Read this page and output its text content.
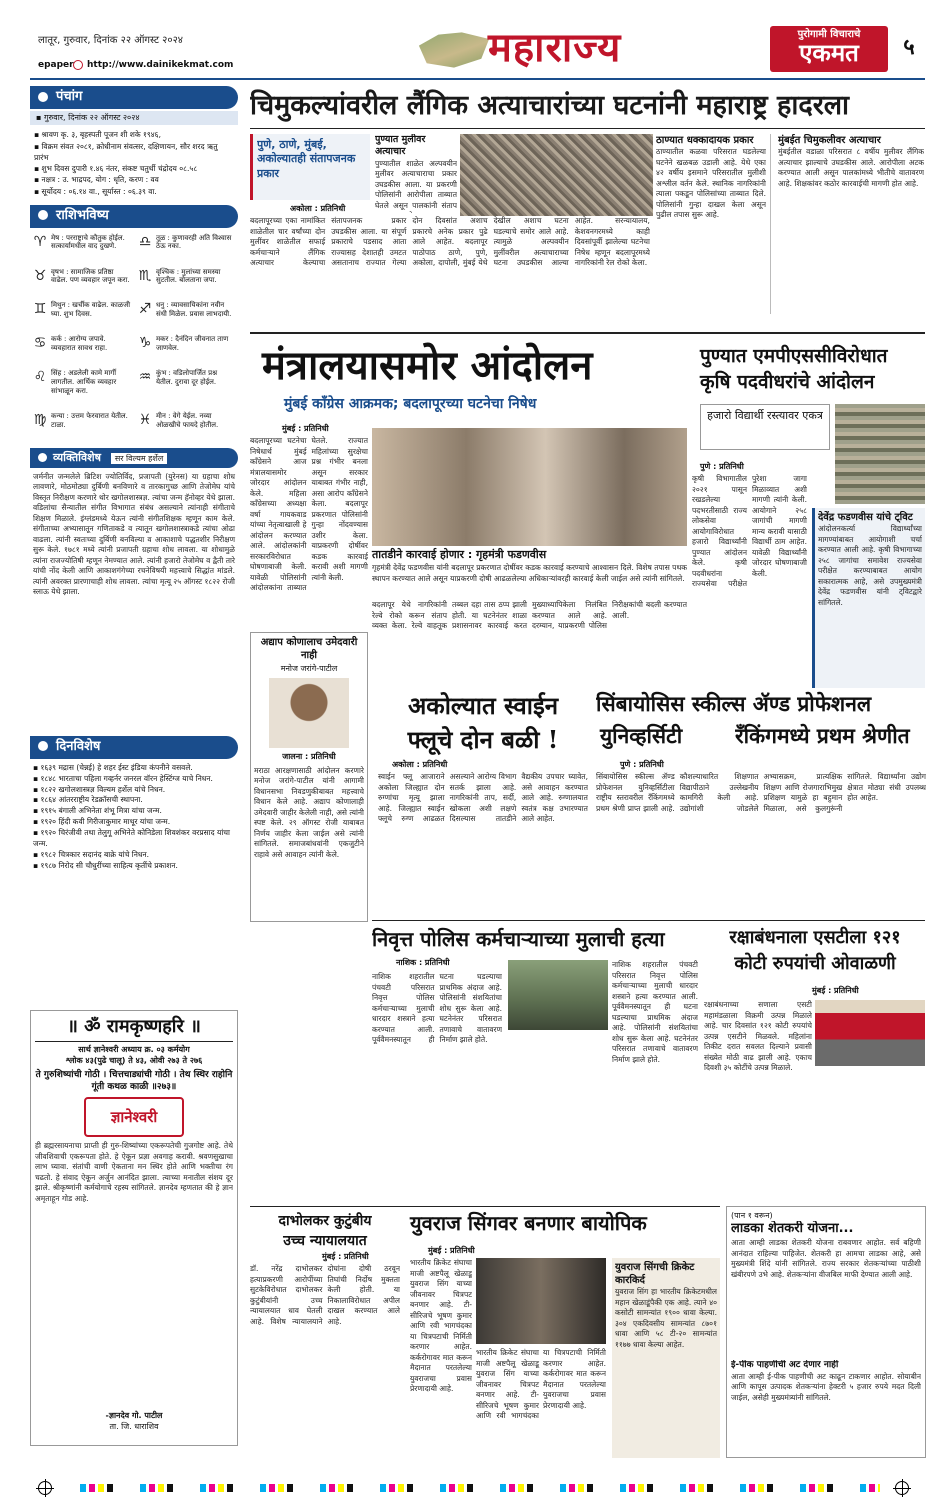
लातूर, गुरुवार, दिनांक २२ ऑगस्ट २०२४
epaper http://www.dainikekmat.com	महाराज्य	पुरोगामी विचाराचे
एकमत	५
पंचांग
▪ गुरुवार, दिनांक २२ ऑगस्ट २०२४
▪ श्रावण कृ. ३, बृहस्पती पूजन शी शके १९४६,
▪ विक्रम संवत २०८१, क्रोधीनाम संवत्सर, दक्षिणायन, सौर शरद ऋतु प्रारंभ
▪ शुभ दिवस दुपारी १.४६ नंतर, संकष्ट चतुर्थी चंद्रोदय ०८.५८
▪ नक्षत्र : उ. भाद्रपद, योग : धृति, करण : वव
▪ सूर्योदय : ०६.१४ वा., सूर्यास्त : ०६.३९ वा.
राशिभविष्य
♈ मेष : परराष्ट्राचे कौतुक होईल. सत्कार्यामधील वाद दुखणे.	♎ तूळ : कुणावरही अति विश्वास ठेऊ नका.
♉ वृषभ : सामाजिक प्रतिष्ठा वाढेल. पण व्यवहार जपून करा. ♏ वृश्चिक : मुलांच्या समस्या सुटतील. बोलताना जपा.
♊ मिथुन : खर्चीक वाढेल. काळजी घ्या. शुभ दिवस.	♐ धनु : व्यावसायिकांना नवीन संधी मिळेल. प्रवास लाभदायी.
♋ कर्क : आरोग्य जपावे. व्यवहारात सावध राहा.	♑ मकर : दैनंदिन जीवनात ताण जाणवेल.
♌ सिंह : अडलेली कामे मार्गी लागतील. आर्थिक व्यवहार सांभाळून करा.
♒ कुंभ : वडिलोपार्जित प्रश्न येतील. दुरावा दूर होईल.
♍ कन्या : उत्तम फेरवारात येतील. टाळा.	♓ मीन : वेगे येईल. नव्या ओळखीचे फायदे होतील.
व्यक्तिविशेष सर विल्यम हर्शेल
जर्मनीत जन्मलेले ब्रिटिश ज्योतिर्विद, प्रजापती (युरेनस) या ग्रहाचा शोध लावणारे, मोठमोठ्या दुर्बिणी बनविणारे व तारकागुच्छ आणि तेजोमेघ यांचे विस्तृत निरीक्षण करणारे थोर खगोलशास्त्रज्ञ. त्यांचा जन्म हॅनोव्हर येथे झाला. वडिलांचा सैन्यातील संगीत विभागात संबंध असल्याने त्यांनाही संगीताचे शिक्षण मिळाले. इंग्लंडमध्ये येऊन त्यांनी संगीतशिक्षक म्हणून काम केले. संगीताच्या अभ्यासातून गणिताकडे व त्यातून खगोलशास्त्राकडे त्यांचा ओढा वाढला. त्यांनी स्वतःच्या दुर्बिणी बनविल्या व आकाशाचे पद्धतशीर निरीक्षण सुरू केले. १७८१ मध्ये त्यांनी प्रजापती ग्रहाचा शोध लावला. या शोधामुळे त्यांना राजज्योतिषी म्हणून नेमण्यात आले. त्यांनी हजारो तेजोमेघ व द्वैती तारे यांची नोंद केली आणि आकाशगंगेच्या रचनेविषयी महत्त्वाचे सिद्धांत मांडले. त्यांनी अवरक्त प्रारणाचाही शोध लावला. त्यांचा मृत्यू २५ ऑगस्ट १८२२ रोजी स्लाऊ येथे झाला.
दिनविशेष
▪ १६३९ मद्रास (चेन्नई) हे शहर ईस्ट इंडिया कंपनीने वसवले.
▪ १८४८ भारताचा पहिला गव्हर्नर जनरल वॉरन हेस्टिंग्ज याचे निधन.
▪ १८२२ खगोलशास्त्रज्ञ विल्यम हर्शेल यांचे निधन.
▪ १८६४ आंतरराष्ट्रीय रेडक्रॉसची स्थापना.
▪ १९१५ बंगाली अभिनेता शंभू मित्रा यांचा जन्म.
▪ १९२० हिंदी कवी गिरीजाकुमार माथूर यांचा जन्म.
▪ १९२० चिरंजीवी तथा तेलुगू अभिनेते कोनिडेला शिवशंकर वरप्रसाद यांचा जन्म.
▪ १९८२ चित्रकार सदानंद बाक्रे यांचे निधन.
▪ १९८७ निरोद सी चौधुरींच्या साहित्य कृतींचे प्रकाशन.
॥ ॐ रामकृष्णहरि ॥
सार्थ ज्ञानेश्वरी अध्याय क्र. ०३ कर्मयोग
श्लोक ४३(पुढे चालू) ते ४३, ओवी २७३ ते २७६
ते गुरुशिष्यांची गोठी । चित्तचाड्यांची गोठी । तेथ स्थिर राहोनि गूंती कथळ काळी ॥२७३॥
ज्ञानेश्वरी
ही ब्रह्मरसायनाचा प्राप्ती ही गुरु-शिष्यांच्या एकरूपतेची गुजगोष्ट आहे. तेथे जीवशिवाची एकरूपता होते. हे ऐकून प्रज्ञा अवगाह करावी. श्रवणसुखाचा लाभ घ्यावा. संतांची वाणी ऐकताना मन स्थिर होते आणि भक्तीचा रंग चढतो. हे संवाद ऐकून अर्जुन आनंदित झाला. त्याच्या मनातील संशय दूर झाले. श्रीकृष्णांनी कर्मयोगाचे रहस्य सांगितले. ज्ञानदेव म्हणतात की हे ज्ञान अमृताहून गोड आहे.
-ज्ञानदेव गो. पाटील
ता. जि. धाराशिव
चिमुकल्यांवरील लैंगिक अत्याचारांच्या घटनांनी महाराष्ट्र हादरला
पुणे, ठाणे, मुंबई, अकोल्यातही संतापजनक प्रकार
अकोला : प्रतिनिधी
बदलापूरच्या एका नामांकित शाळेतील चार वर्षांच्या दोन मुलींवर शाळेतील सफाई कर्मचाऱ्याने लैंगिक अत्याचार केल्याचा संतापजनक प्रकार उघडकीस आला. या संपूर्ण प्रकाराचे पडसाद आता राज्यासह देशातही उमटत असतानाच राज्यात गेल्या दोन दिवसांत अशाच प्रकारचे अनेक प्रकार पुढे आले आहेत. बदलापूर पाठोपाठ ठाणे, पुणे, अकोला, दापोली, मुंबई येथे देखील अशाच घटना घडल्याचे समोर आले आहे. त्यामुळे अल्पवयीन मुलींवरील अत्याचाराच्या घटना उघडकीस आल्या आहेत. सरन्यायालय, केशवनगरमध्ये काही दिवसांपूर्वी झालेल्या घटनेचा निषेध म्हणून बदलापूरमध्ये नागरिकांनी रेल रोको केला.
पुण्यात मुलीवर अत्याचार
पुण्यातील शाळेत अल्पवयीन मुलीवर अत्याचाराचा प्रकार उघडकीस आला. या प्रकरणी पोलिसांनी आरोपीला ताब्यात घेतले असून पालकांनी संताप
ठाण्यात धक्कादायक प्रकार
ठाण्यातील कळवा परिसरात घडलेल्या घटनेने खळबळ उडाली आहे. येथे एका ४२ वर्षीय इसमाने परिसरातील मुलीशी अश्लील वर्तन केले. स्थानिक नागरिकांनी त्याला पकडून पोलिसांच्या ताब्यात दिले. पोलिसांनी गुन्हा दाखल केला असून पुढील तपास सुरू आहे.
मुंबईत चिमुकलीवर अत्याचार
मुंबईतील वडाळा परिसरात ८ वर्षीय मुलीवर लैंगिक अत्याचार झाल्याचे उघडकीस आले. आरोपीला अटक करण्यात आली असून पालकांमध्ये भीतीचे वातावरण आहे. शिक्षकांवर कठोर कारवाईची मागणी होत आहे.
मंत्रालयासमोर आंदोलन
मुंबई काँग्रेस आक्रमक; बदलापूरच्या घटनेचा निषेध
मुंबई : प्रतिनिधी
बदलापूरच्या घटनेचा निषेधार्थ मुंबई काँग्रेसने आज मंत्रालयासमोर जोरदार आंदोलन केले. महिला काँग्रेसच्या अध्यक्षा वर्षा गायकवाड यांच्या नेतृत्वाखाली हे आंदोलन करण्यात आले. आंदोलकांनी सरकारविरोधात घोषणाबाजी केली. यावेळी पोलिसांनी आंदोलकांना ताब्यात घेतले. राज्यात महिलांच्या सुरक्षेचा प्रश्न गंभीर बनला असून सरकार याबाबत गंभीर नाही, असा आरोप काँग्रेसने केला. बदलापूर प्रकरणात पोलिसांनी गुन्हा नोंदवण्यास उशीर केला. याप्रकरणी दोषींवर कडक कारवाई करावी अशी मागणी त्यांनी केली.
तातडीने कारवाई होणार : गृहमंत्री फडणवीस
गृहमंत्री देवेंद्र फडणवीस यांनी बदलापूर प्रकरणात दोषींवर कडक कारवाई करण्याचे आश्वासन दिले. विशेष तपास पथक स्थापन करण्यात आले असून याप्रकरणी दोषी आढळलेल्या अधिकाऱ्यांवरही कारवाई केली जाईल असे त्यांनी सांगितले.
बदलापूर येथे नागरिकांनी रेल्वे रोको करून संताप व्यक्त केला. रेल्वे वाहतूक तब्बल दहा तास ठप्प झाली होती. या घटनेनंतर शाळा प्रशासनावर कारवाई करत मुख्याध्यापिकेला निलंबित करण्यात आले आहे. दरम्यान, याप्रकरणी पोलिस निरीक्षकांची बदली करण्यात आली.
अद्याप कोणालाच उमेदवारी नाही
मनोज जरांगे-पाटील
जालना : प्रतिनिधी
मराठा आरक्षणासाठी आंदोलन करणारे मनोज जरांगे-पाटील यांनी आगामी विधानसभा निवडणुकीबाबत महत्त्वाचे विधान केले आहे. अद्याप कोणालाही उमेदवारी जाहीर केलेली नाही, असे त्यांनी स्पष्ट केले. २९ ऑगस्ट रोजी याबाबत निर्णय जाहीर केला जाईल असे त्यांनी सांगितले. समाजबांधवांनी एकजुटीने राहावे असे आवाहन त्यांनी केले.
अकोल्यात स्वाईन
फ्लूचे दोन बळी !
अकोला : प्रतिनिधी
स्वाईन फ्लू आजाराने अकोला जिल्ह्यात दोन रुग्णांचा मृत्यू झाला आहे. जिल्ह्यात स्वाईन फ्लूचे रुग्ण आढळत असल्याने आरोग्य विभाग सतर्क झाला आहे. नागरिकांनी ताप, सर्दी, खोकला अशी लक्षणे दिसल्यास तातडीने वैद्यकीय उपचार घ्यावेत, असे आवाहन करण्यात आले आहे. रुग्णालयात स्वतंत्र कक्ष उभारण्यात आले आहेत.
पुण्यात एमपीएससीविरोधात
कृषि पदवीधरांचे आंदोलन
हजारो विद्यार्थी रस्त्यावर एकत्र
पुणे : प्रतिनिधी
कृषी विभागातील २०२१ पासून रखडलेल्या पदभरतीसाठी राज्य लोकसेवा आयोगाविरोधात हजारो विद्यार्थ्यांनी पुण्यात आंदोलन केले. कृषी पदवीधरांना राज्यसेवा परीक्षेत पुरेशा जागा मिळाव्यात अशी मागणी त्यांनी केली. आयोगाने २५८ जागांची मागणी मान्य करावी यासाठी विद्यार्थी ठाम आहेत. यावेळी विद्यार्थ्यांनी जोरदार घोषणाबाजी केली.
देवेंद्र फडणवीस यांचे ट्विट
आंदोलनकर्त्या विद्यार्थ्यांच्या मागण्यांबाबत आयोगाशी चर्चा करण्यात आली आहे. कृषी विभागाच्या २५८ जागांचा समावेश राज्यसेवा परीक्षेत करण्याबाबत आयोग सकारात्मक आहे, असे उपमुख्यमंत्री देवेंद्र फडणवीस यांनी ट्विटद्वारे सांगितले.
सिंबायोसिस स्कील्स ॲण्ड प्रोफेशनल
युनिव्हर्सिटी	रँकिंगमध्ये प्रथम श्रेणीत
पुणे : प्रतिनिधी
सिंबायोसिस स्कील्स ॲण्ड प्रोफेशनल युनिव्हर्सिटीला राष्ट्रीय स्तरावरील रँकिंगमध्ये प्रथम श्रेणी प्राप्त झाली आहे. कौशल्याधारित शिक्षणात विद्यापीठाने उल्लेखनीय कामगिरी केली आहे. उद्योगांशी जोडलेले अभ्यासक्रम, प्रात्यक्षिक शिक्षण आणि रोजगाराभिमुख प्रशिक्षण यामुळे हा बहुमान मिळाला, असे कुलगुरूंनी सांगितले. विद्यार्थ्यांना उद्योग क्षेत्रात मोठ्या संधी उपलब्ध होत आहेत.
निवृत्त पोलिस कर्मचाऱ्याच्या मुलाची हत्या
नाशिक : प्रतिनिधी
नाशिक शहरातील पंचवटी परिसरात निवृत्त पोलिस कर्मचाऱ्याच्या मुलाची धारदार शस्त्राने हत्या करण्यात आली. पूर्ववैमनस्यातून ही घटना घडल्याचा प्राथमिक अंदाज आहे. पोलिसांनी संशयितांचा शोध सुरू केला आहे. घटनेनंतर परिसरात तणावाचे वातावरण निर्माण झाले होते.
नाशिक शहरातील पंचवटी परिसरात निवृत्त पोलिस कर्मचाऱ्याच्या मुलाची धारदार शस्त्राने हत्या करण्यात आली. पूर्ववैमनस्यातून ही घटना घडल्याचा प्राथमिक अंदाज आहे. पोलिसांनी संशयितांचा शोध सुरू केला आहे. घटनेनंतर परिसरात तणावाचे वातावरण निर्माण झाले होते.
रक्षाबंधनाला एसटीला १२१
कोटी रुपयांची ओवाळणी
मुंबई : प्रतिनिधी
रक्षाबंधनाच्या सणाला एसटी महामंडळाला विक्रमी उत्पन्न मिळाले आहे. चार दिवसांत १२१ कोटी रुपयांचे उत्पन्न एसटीने मिळवले. महिलांना तिकीट दरात सवलत दिल्याने प्रवासी संख्येत मोठी वाढ झाली आहे. एकाच दिवशी ३५ कोटींचे उत्पन्न मिळाले.
दाभोलकर कुटुंबीय
उच्च न्यायालयात
मुंबई : प्रतिनिधी
डॉ. नरेंद्र दाभोलकर हत्याप्रकरणी आरोपींच्या सुटकेविरोधात दाभोलकर कुटुंबीयांनी उच्च न्यायालयात धाव घेतली आहे. विशेष न्यायालयाने दोघांना दोषी ठरवून तिघांची निर्दोष मुक्तता केली होती. या निकालाविरोधात अपील दाखल करण्यात आले आहे.
युवराज सिंगवर बनणार बायोपिक
मुंबई : प्रतिनिधी
भारतीय क्रिकेट संघाचा माजी अष्टपैलू खेळाडू युवराज सिंग याच्या जीवनावर चित्रपट बनणार आहे. टी-सीरिजचे भूषण कुमार आणि रवी भागचंदका या चित्रपटाची निर्मिती करणार आहेत. कर्करोगावर मात करून मैदानात परतलेल्या युवराजचा प्रवास प्रेरणादायी आहे.
भारतीय क्रिकेट संघाचा माजी अष्टपैलू खेळाडू युवराज सिंग याच्या जीवनावर चित्रपट बनणार आहे. टी-सीरिजचे भूषण कुमार आणि रवी भागचंदका या चित्रपटाची निर्मिती करणार आहेत. कर्करोगावर मात करून मैदानात परतलेल्या युवराजचा प्रवास प्रेरणादायी आहे.
युवराज सिंगची क्रिकेट कारकिर्द
युवराज सिंग हा भारतीय क्रिकेटमधील महान खेळाडूंपैकी एक आहे. त्याने ४० कसोटी सामन्यांत १९०० धावा केल्या. ३०४ एकदिवसीय सामन्यांत ८७०१ धावा आणि ५८ टी-२० सामन्यांत ११७७ धावा केल्या आहेत.
(पान १ वरून)
लाडका शेतकरी योजना...
आता आम्ही लाडका शेतकरी योजना राबवणार आहोत. सर्व बहिणी आनंदात राहिल्या पाहिजेत. शेतकरी हा आमचा लाडका आहे, असे मुख्यमंत्री शिंदे यांनी सांगितले. राज्य सरकार शेतकऱ्यांच्या पाठीशी खंबीरपणे उभे आहे. शेतकऱ्यांना वीजबिल माफी देण्यात आली आहे.
ई-पीक पाहणीची अट देणार नाही
आता आम्ही ई-पीक पाहणीची अट काढून टाकणार आहोत. सोयाबीन आणि कापूस उत्पादक शेतकऱ्यांना हेक्टरी ५ हजार रुपये मदत दिली जाईल, असेही मुख्यमंत्र्यांनी सांगितले.
